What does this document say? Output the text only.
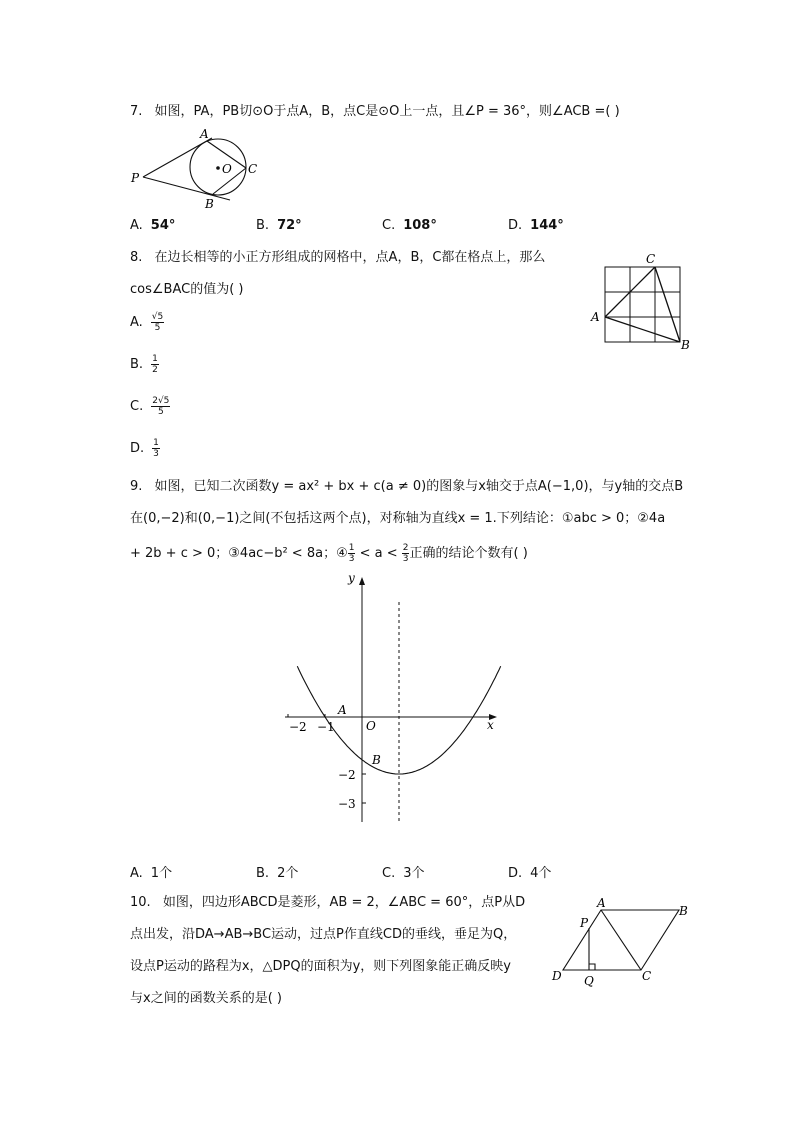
7. 如图，PA，PB切⊙O于点A，B，点C是⊙O上一点，且∠P = 36°，则∠ACB =( )
A
B
C
O
P
A. 54°	B. 72°	C. 108°	D. 144°
8. 在边长相等的小正方形组成的网格中，点A，B，C都在格点上，那么
cos∠BAC的值为( )
A. $\frac{√5}{5}$
B. $\frac{1}{2}$
C. $\frac{2√5}{5}$
D. $\frac{1}{3}$
C
A
B
9. 如图，已知二次函数y = ax² + bx + c(a ≠ 0)的图象与x轴交于点A(−1,0)，与y轴的交点B
在(0,−2)和(0,−1)之间(不包括这两个点)，对称轴为直线x = 1.下列结论：①abc > 0；②4a
+ 2b + c > 0；③4ac−b² < 8a；④ $\frac{1}{3} < a < \frac{2}{3}$ 正确的结论个数有( )
y
x
O
A
B
−2 −1
−2
−3
A. 1个	B. 2个	C. 3个	D. 4个
10. 如图，四边形ABCD是菱形，AB = 2，∠ABC = 60°，点P从D
点出发，沿DA→AB→BC运动，过点P作直线CD的垂线，垂足为Q，
设点P运动的路程为x，△DPQ的面积为y，则下列图象能正确反映y
与x之间的函数关系的是( )
A
B
C
D
P
Q
